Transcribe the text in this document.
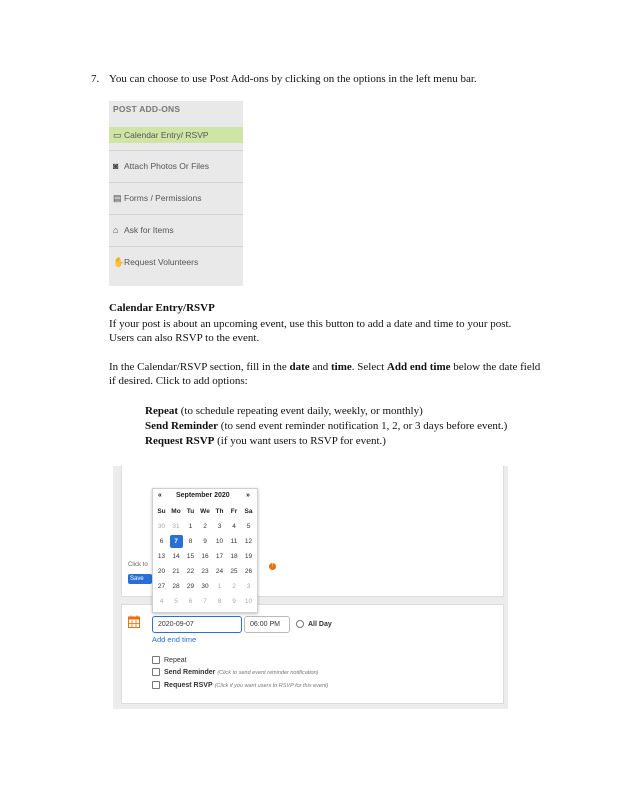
7. You can choose to use Post Add-ons by clicking on the options in the left menu bar.
POST ADD-ONS
▭ Calendar Entry/ RSVP
◙ Attach Photos Or Files
▤ Forms / Permissions
⌂ Ask for Items
✋ Request Volunteers
Calendar Entry/RSVP
If your post is about an upcoming event, use this button to add a date and time to your post.
Users can also RSVP to the event.
In the Calendar/RSVP section, fill in the date and time. Select Add end time below the date field
if desired. Click to add options:
Repeat (to schedule repeating event daily, weekly, or monthly)
Send Reminder (to send event reminder notification 1, 2, or 3 days before event.)
Request RSVP (if you want users to RSVP for event.)
Click to
Save
!
2020-09-07	06:00 PM	All Day
Add end time
Repeat
Send Reminder (Click to send event reminder notification)
Request RSVP (Click if you want users to RSVP for this event)
« September 2020 »
Su Mo Tu We Th	Fr	Sa
30	31	1	2	3	4	5
6	7	8	9	10	11	12
13	14	15	16	17	18	19
20	21	22	23	24	25	26
27	28	29	30	1	2	3
4	5	6	7	8	9	10
